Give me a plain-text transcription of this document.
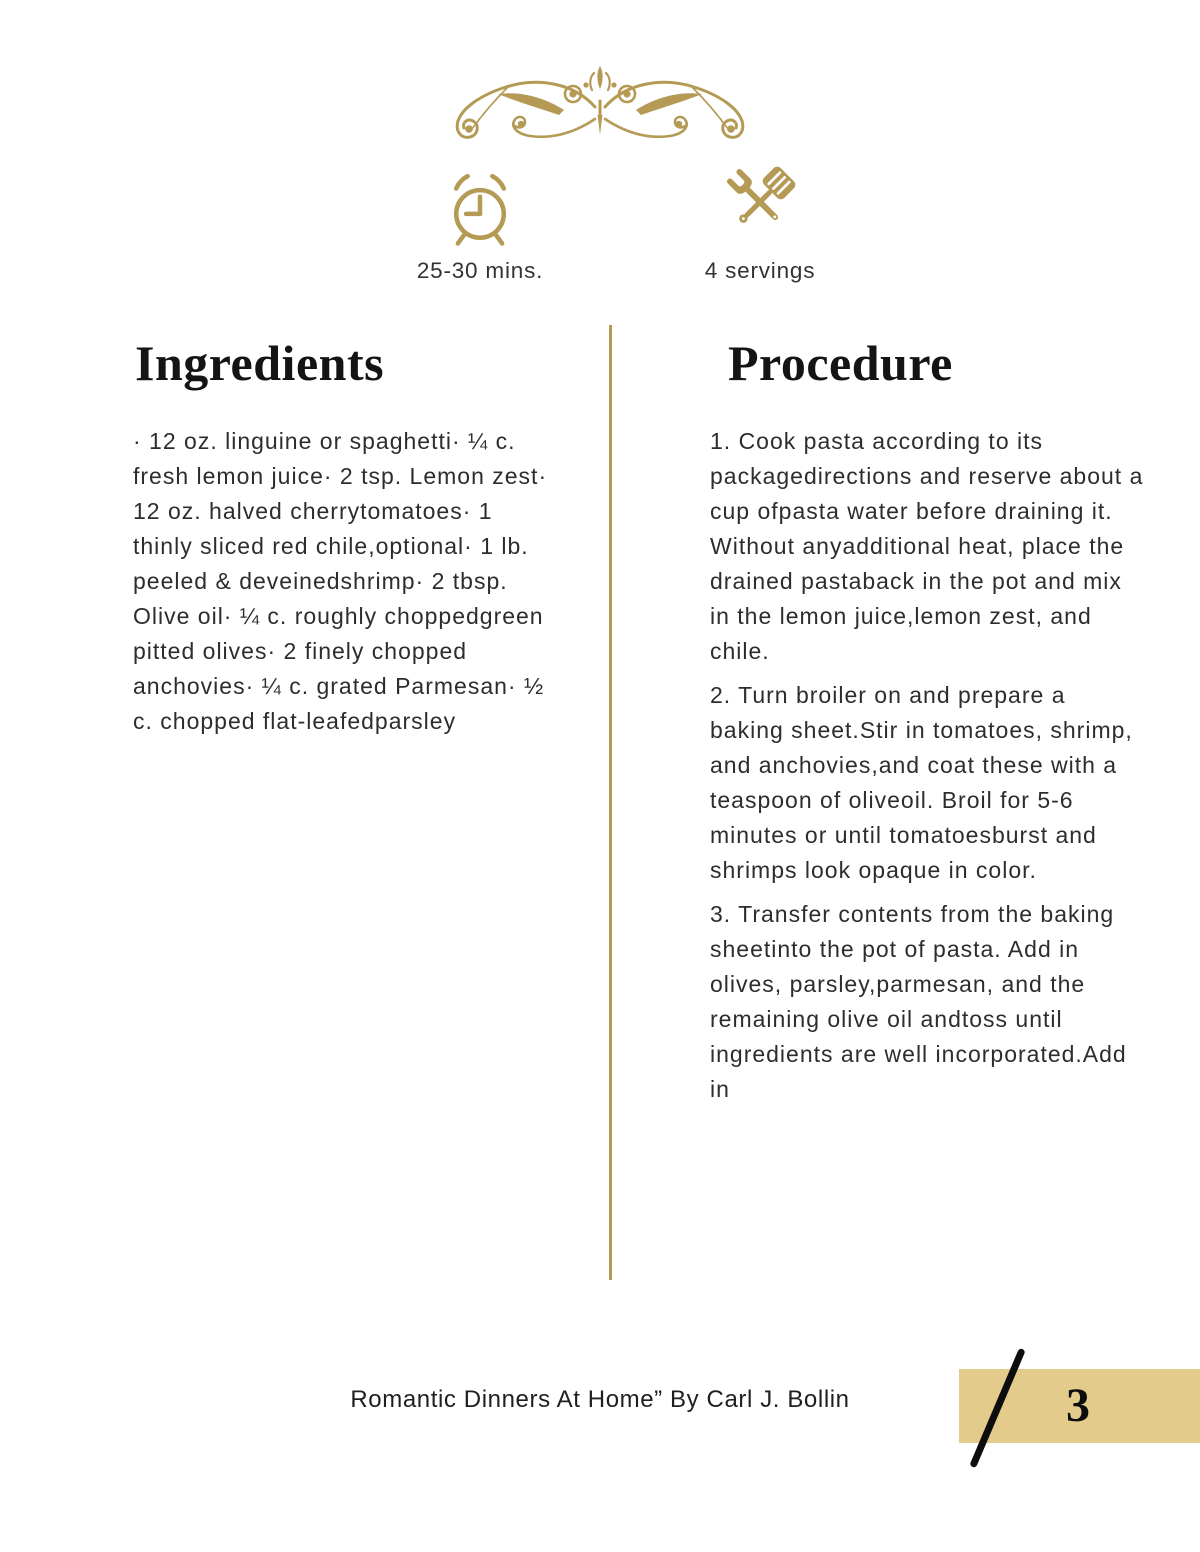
25-30 mins.	4 servings
Ingredients	Procedure
· 12 oz. linguine or spaghetti· ¼ c. fresh lemon juice· 2 tsp. Lemon zest· 12 oz. halved cherrytomatoes· 1 thinly sliced red chile,optional· 1 lb. peeled & deveinedshrimp· 2 tbsp. Olive oil· ¼ c. roughly choppedgreen pitted olives· 2 finely chopped anchovies· ¼ c. grated Parmesan· ½ c. chopped flat-leafedparsley

1. Cook pasta according to its packagedirections and reserve about a cup ofpasta water before draining it. Without anyadditional heat, place the drained pastaback in the pot and mix in the lemon juice,lemon zest, and chile.

2. Turn broiler on and prepare a baking sheet.Stir in tomatoes, shrimp, and anchovies,and coat these with a teaspoon of oliveoil. Broil for 5-6 minutes or until tomatoesburst and shrimps look opaque in color.

3. Transfer contents from the baking sheetinto the pot of pasta. Add in olives, parsley,parmesan, and the remaining olive oil andtoss until ingredients are well incorporated.Add in

Romantic Dinners At Home” By Carl J. Bollin	3
